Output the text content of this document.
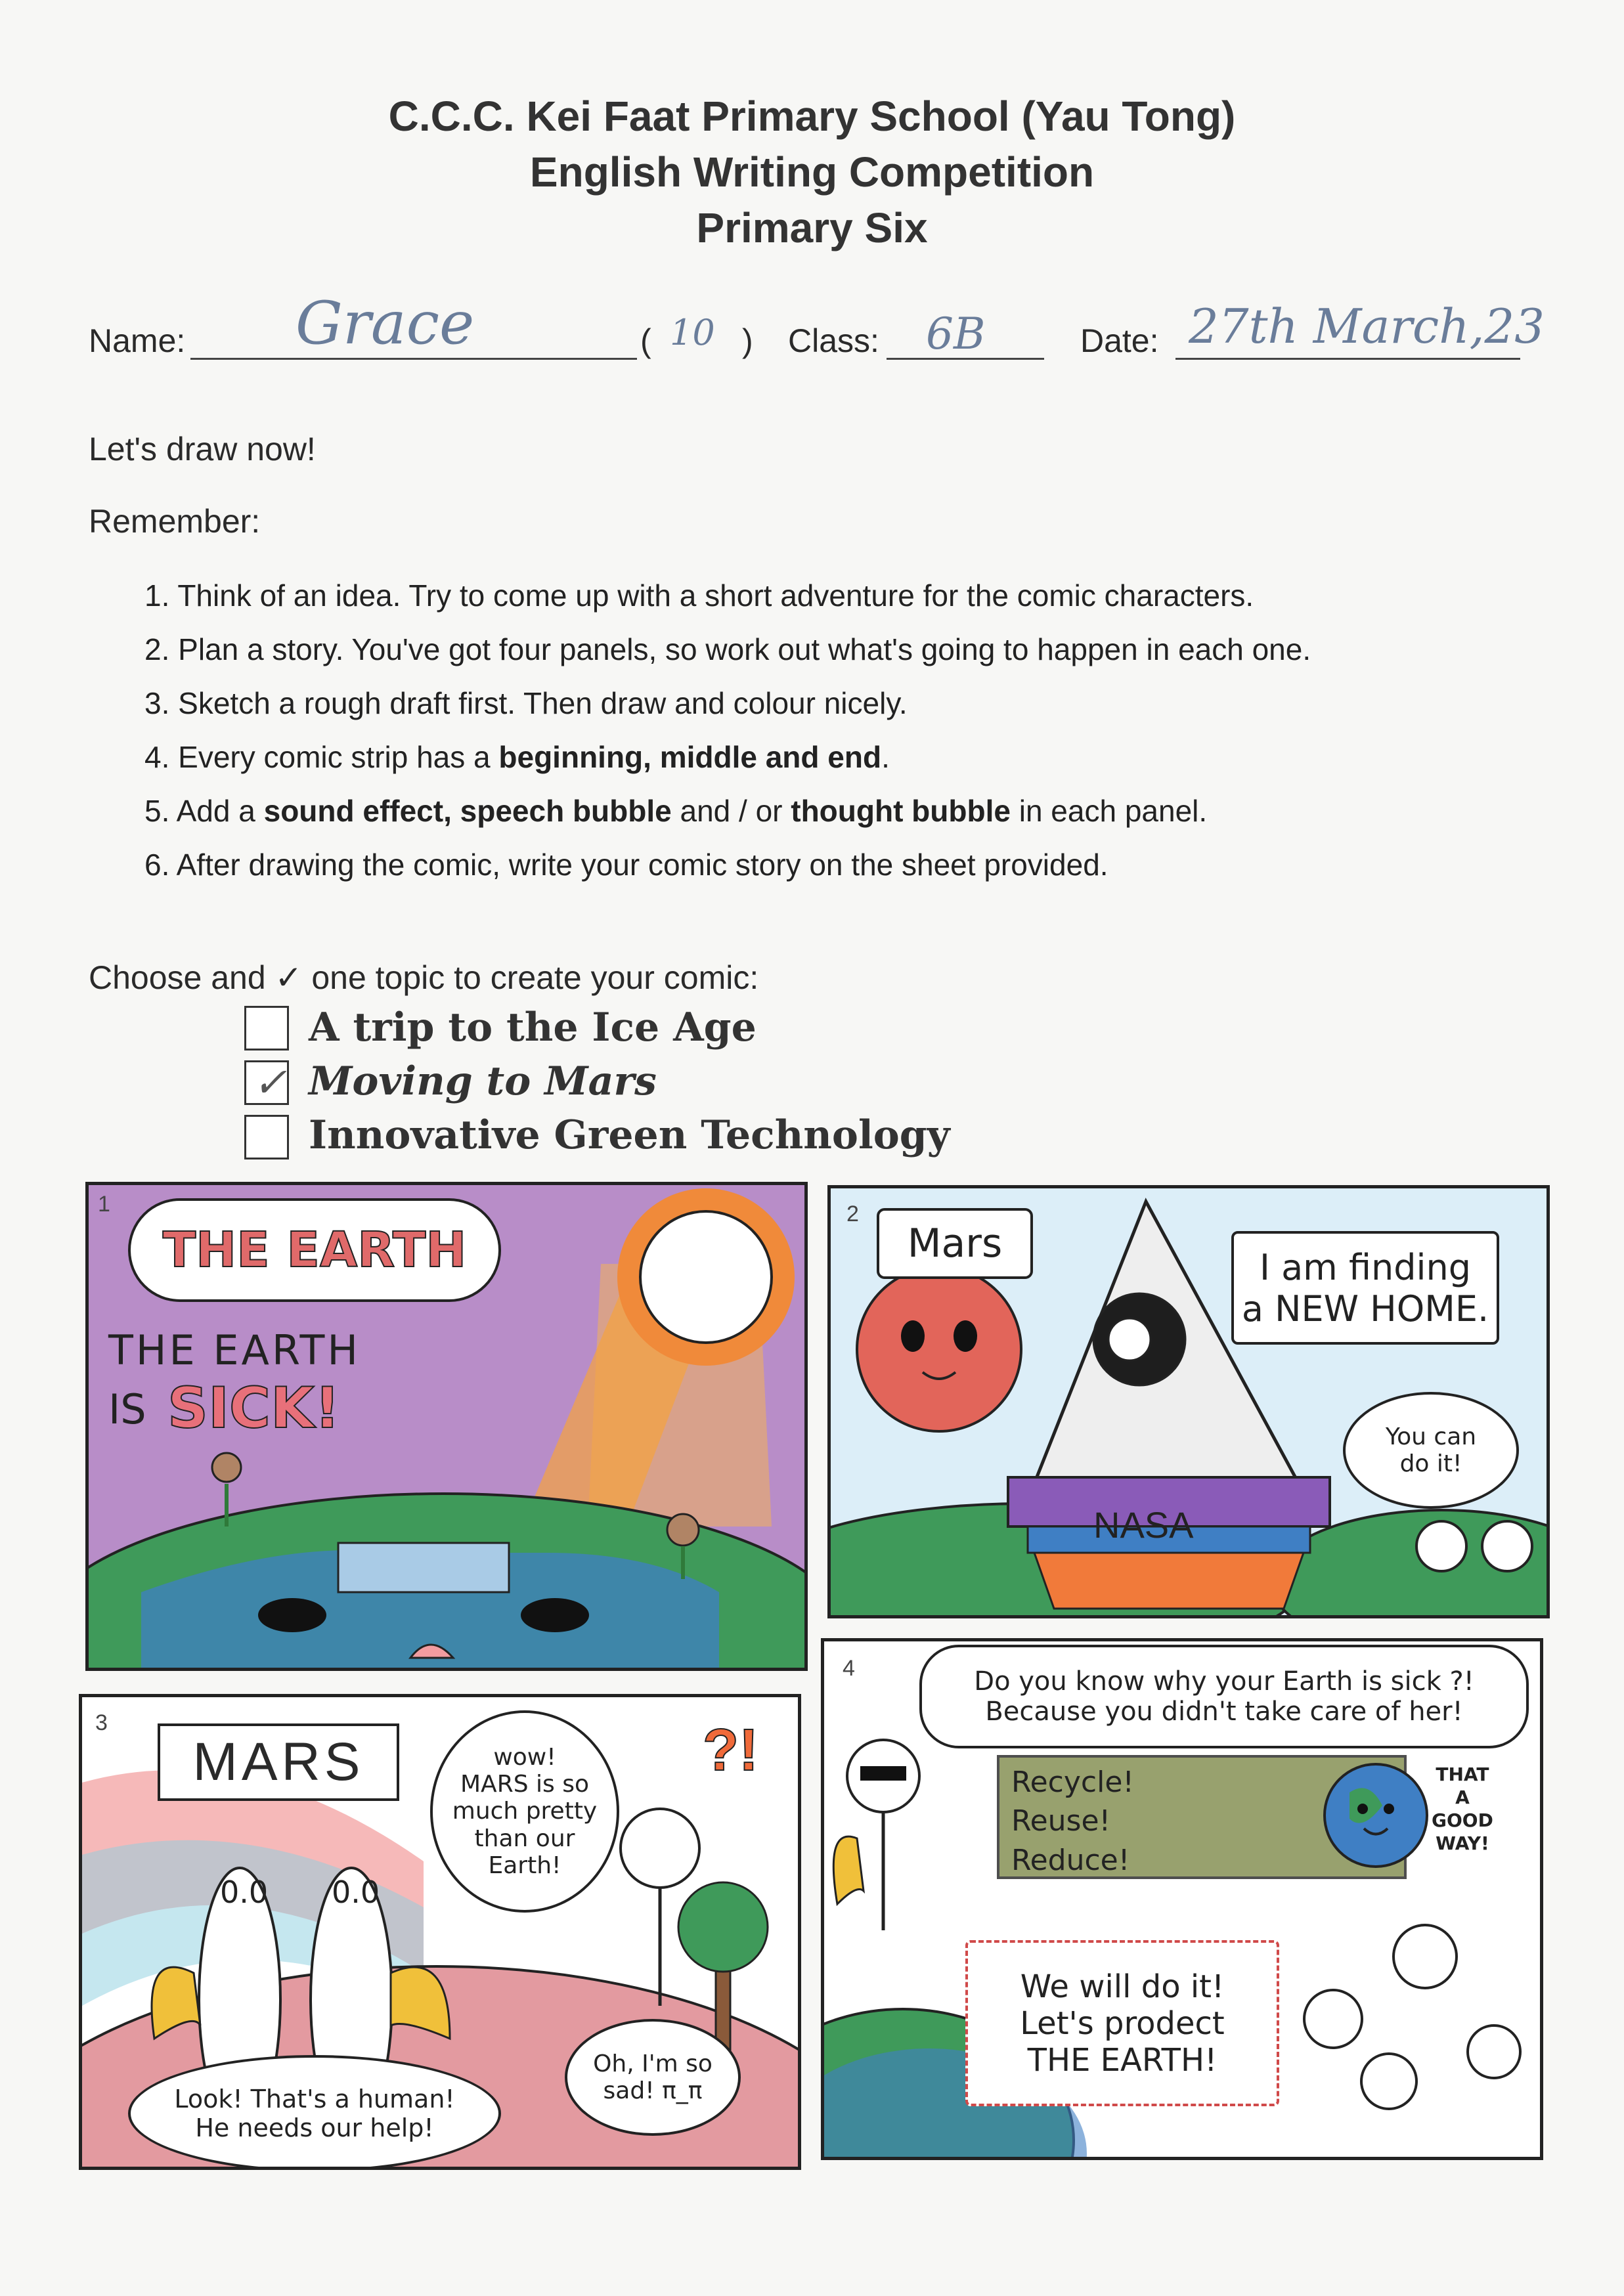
C.C.C. Kei Faat Primary School (Yau Tong)
English Writing Competition
Primary Six
Name: Grace	( 10 ) Class: 6B	Date: 27th March,23
Let's draw now!
Remember:
1. Think of an idea. Try to come up with a short adventure for the comic characters.
2. Plan a story. You've got four panels, so work out what's going to happen in each one.
3. Sketch a rough draft first. Then draw and colour nicely.
4. Every comic strip has a beginning, middle and end.
5. Add a sound effect, speech bubble and / or thought bubble in each panel.
6. After drawing the comic, write your comic story on the sheet provided.
Choose and ✓ one topic to create your comic:
A trip to the Ice Age
✓ Moving to Mars
Innovative Green Technology
1
THE EARTH
THE EARTH
IS SICK!
2
Mars
NASA
I am finding
a NEW HOME.
You can
do it!
3
MARS
0.0 0.0
wow!
MARS is so
much pretty
than our
Earth!
?!
Oh, I'm so
sad! π_π
Look! That's a human!
He needs our help!
4	Do you know why your Earth is sick ?!
Because you didn't take care of her!
Recycle!
Reuse!
Reduce!
THAT
A
GOOD
WAY!
We will do it!
Let's prodect
THE EARTH!
